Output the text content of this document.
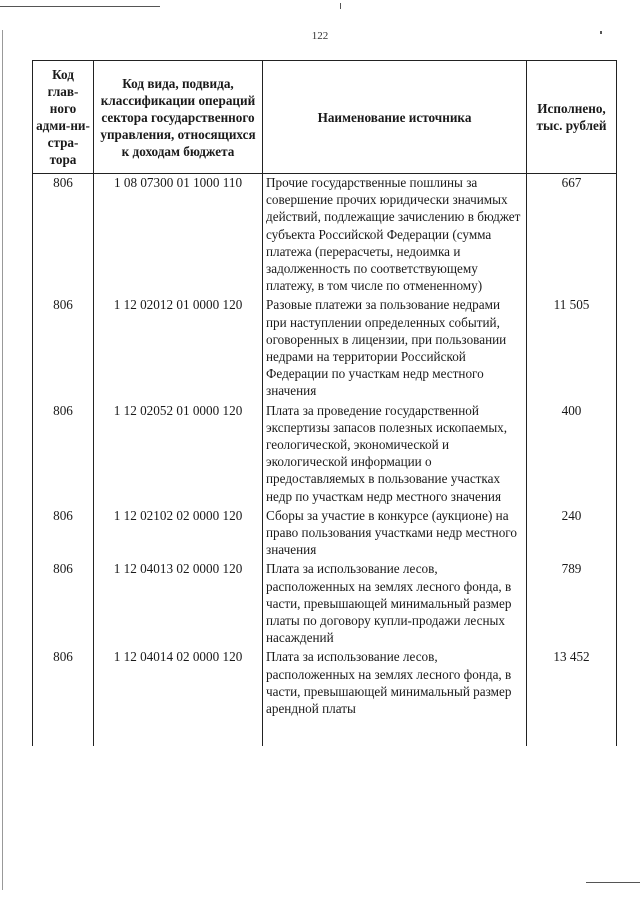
122
Код глав-ного адми-ни-стра-тора	Код вида, подвида, классификации операций сектора государственного управления, относящихся к доходам бюджета	Наименование источника	Исполнено, тыс. рублей
806	1 08 07300 01 1000 110	Прочие государственные пошлины за совершение прочих юридически значимых действий, подлежащие зачислению в бюджет субъекта Российской Федерации (сумма платежа (перерасчеты, недоимка и задолженность по соответствующему платежу, в том числе по отмененному)	667
806	1 12 02012 01 0000 120	Разовые платежи за пользование недрами при наступлении определенных событий, оговоренных в лицензии, при пользовании недрами на территории Российской Федерации по участкам недр местного значения	11 505
806	1 12 02052 01 0000 120	Плата за проведение государственной экспертизы запасов полезных ископаемых, геологической, экономической и экологической информации о предоставляемых в пользование участках недр по участкам недр местного значения	400
806	1 12 02102 02 0000 120	Сборы за участие в конкурсе (аукционе) на право пользования участками недр местного значения	240
806	1 12 04013 02 0000 120	Плата за использование лесов, расположенных на землях лесного фонда, в части, превышающей минимальный размер платы по договору купли-продажи лесных насаждений	789
806	1 12 04014 02 0000 120	Плата за использование лесов, расположенных на землях лесного фонда, в части, превышающей минимальный размер арендной платы	13 452
